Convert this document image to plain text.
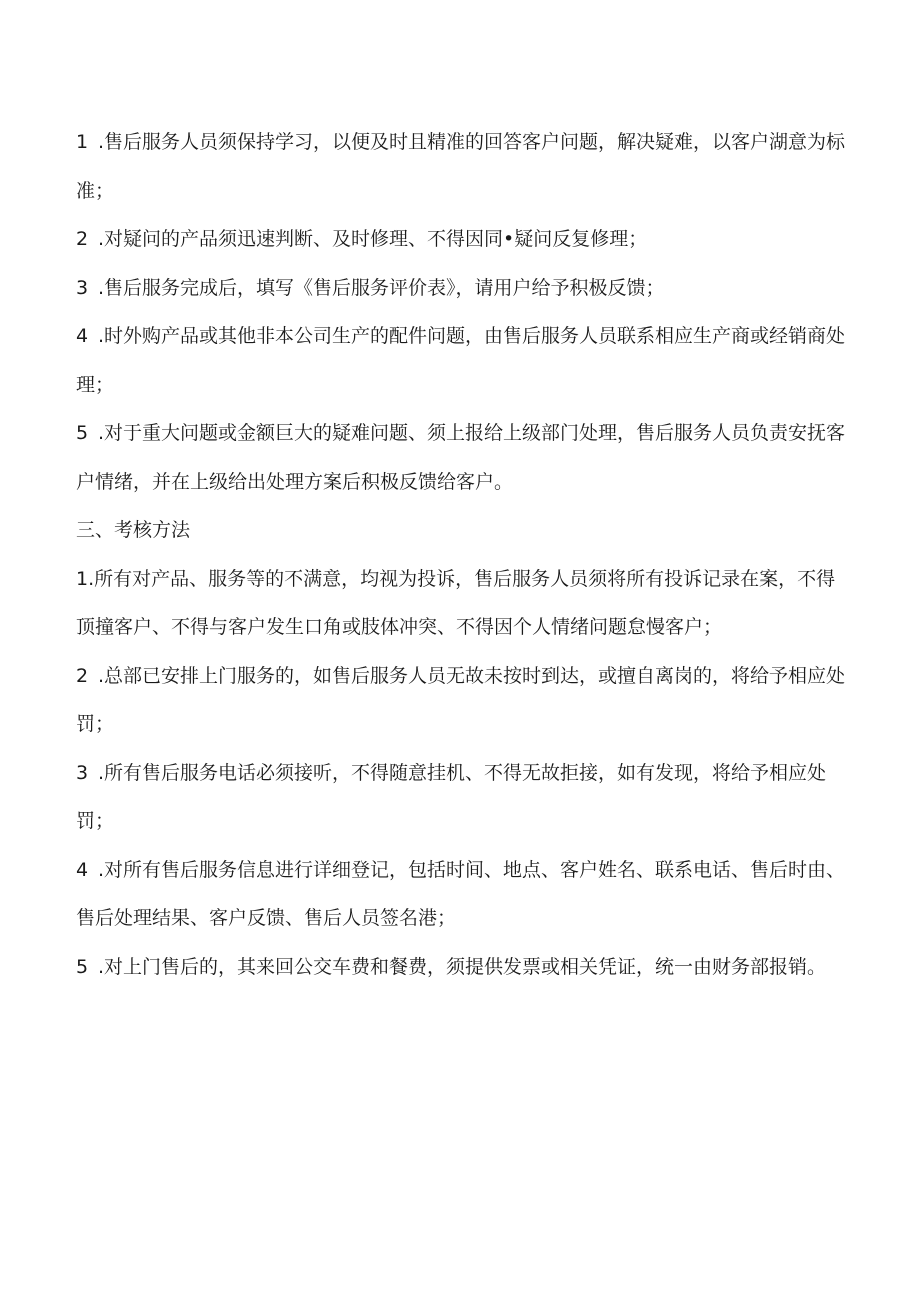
1 .售后服务人员须保持学习，以便及时且精准的回答客户问题，解决疑难，以客户湖意为标准；

2 .对疑问的产品须迅速判断、及时修理、不得因同•疑问反复修理；

3 .售后服务完成后，填写《售后服务评价表》，请用户给予积极反馈；

4 .时外购产品或其他非本公司生产的配件问题，由售后服务人员联系相应生产商或经销商处理；

5 .对于重大问题或金额巨大的疑难问题、须上报给上级部门处理，售后服务人员负责安抚客户情绪，并在上级给出处理方案后积极反馈给客户。

三、考核方法

1.所有对产品、服务等的不满意，均视为投诉，售后服务人员须将所有投诉记录在案，不得顶撞客户、不得与客户发生口角或肢体冲突、不得因个人情绪问题怠慢客户；

2 .总部已安排上门服务的，如售后服务人员无故未按时到达，或擅自离岗的，将给予相应处罚；

3 .所有售后服务电话必须接听，不得随意挂机、不得无故拒接，如有发现，将给予相应处罚；

4 .对所有售后服务信息进行详细登记，包括时间、地点、客户姓名、联系电话、售后时由、售后处理结果、客户反馈、售后人员签名港；

5 .对上门售后的，其来回公交车费和餐费，须提供发票或相关凭证，统一由财务部报销。
